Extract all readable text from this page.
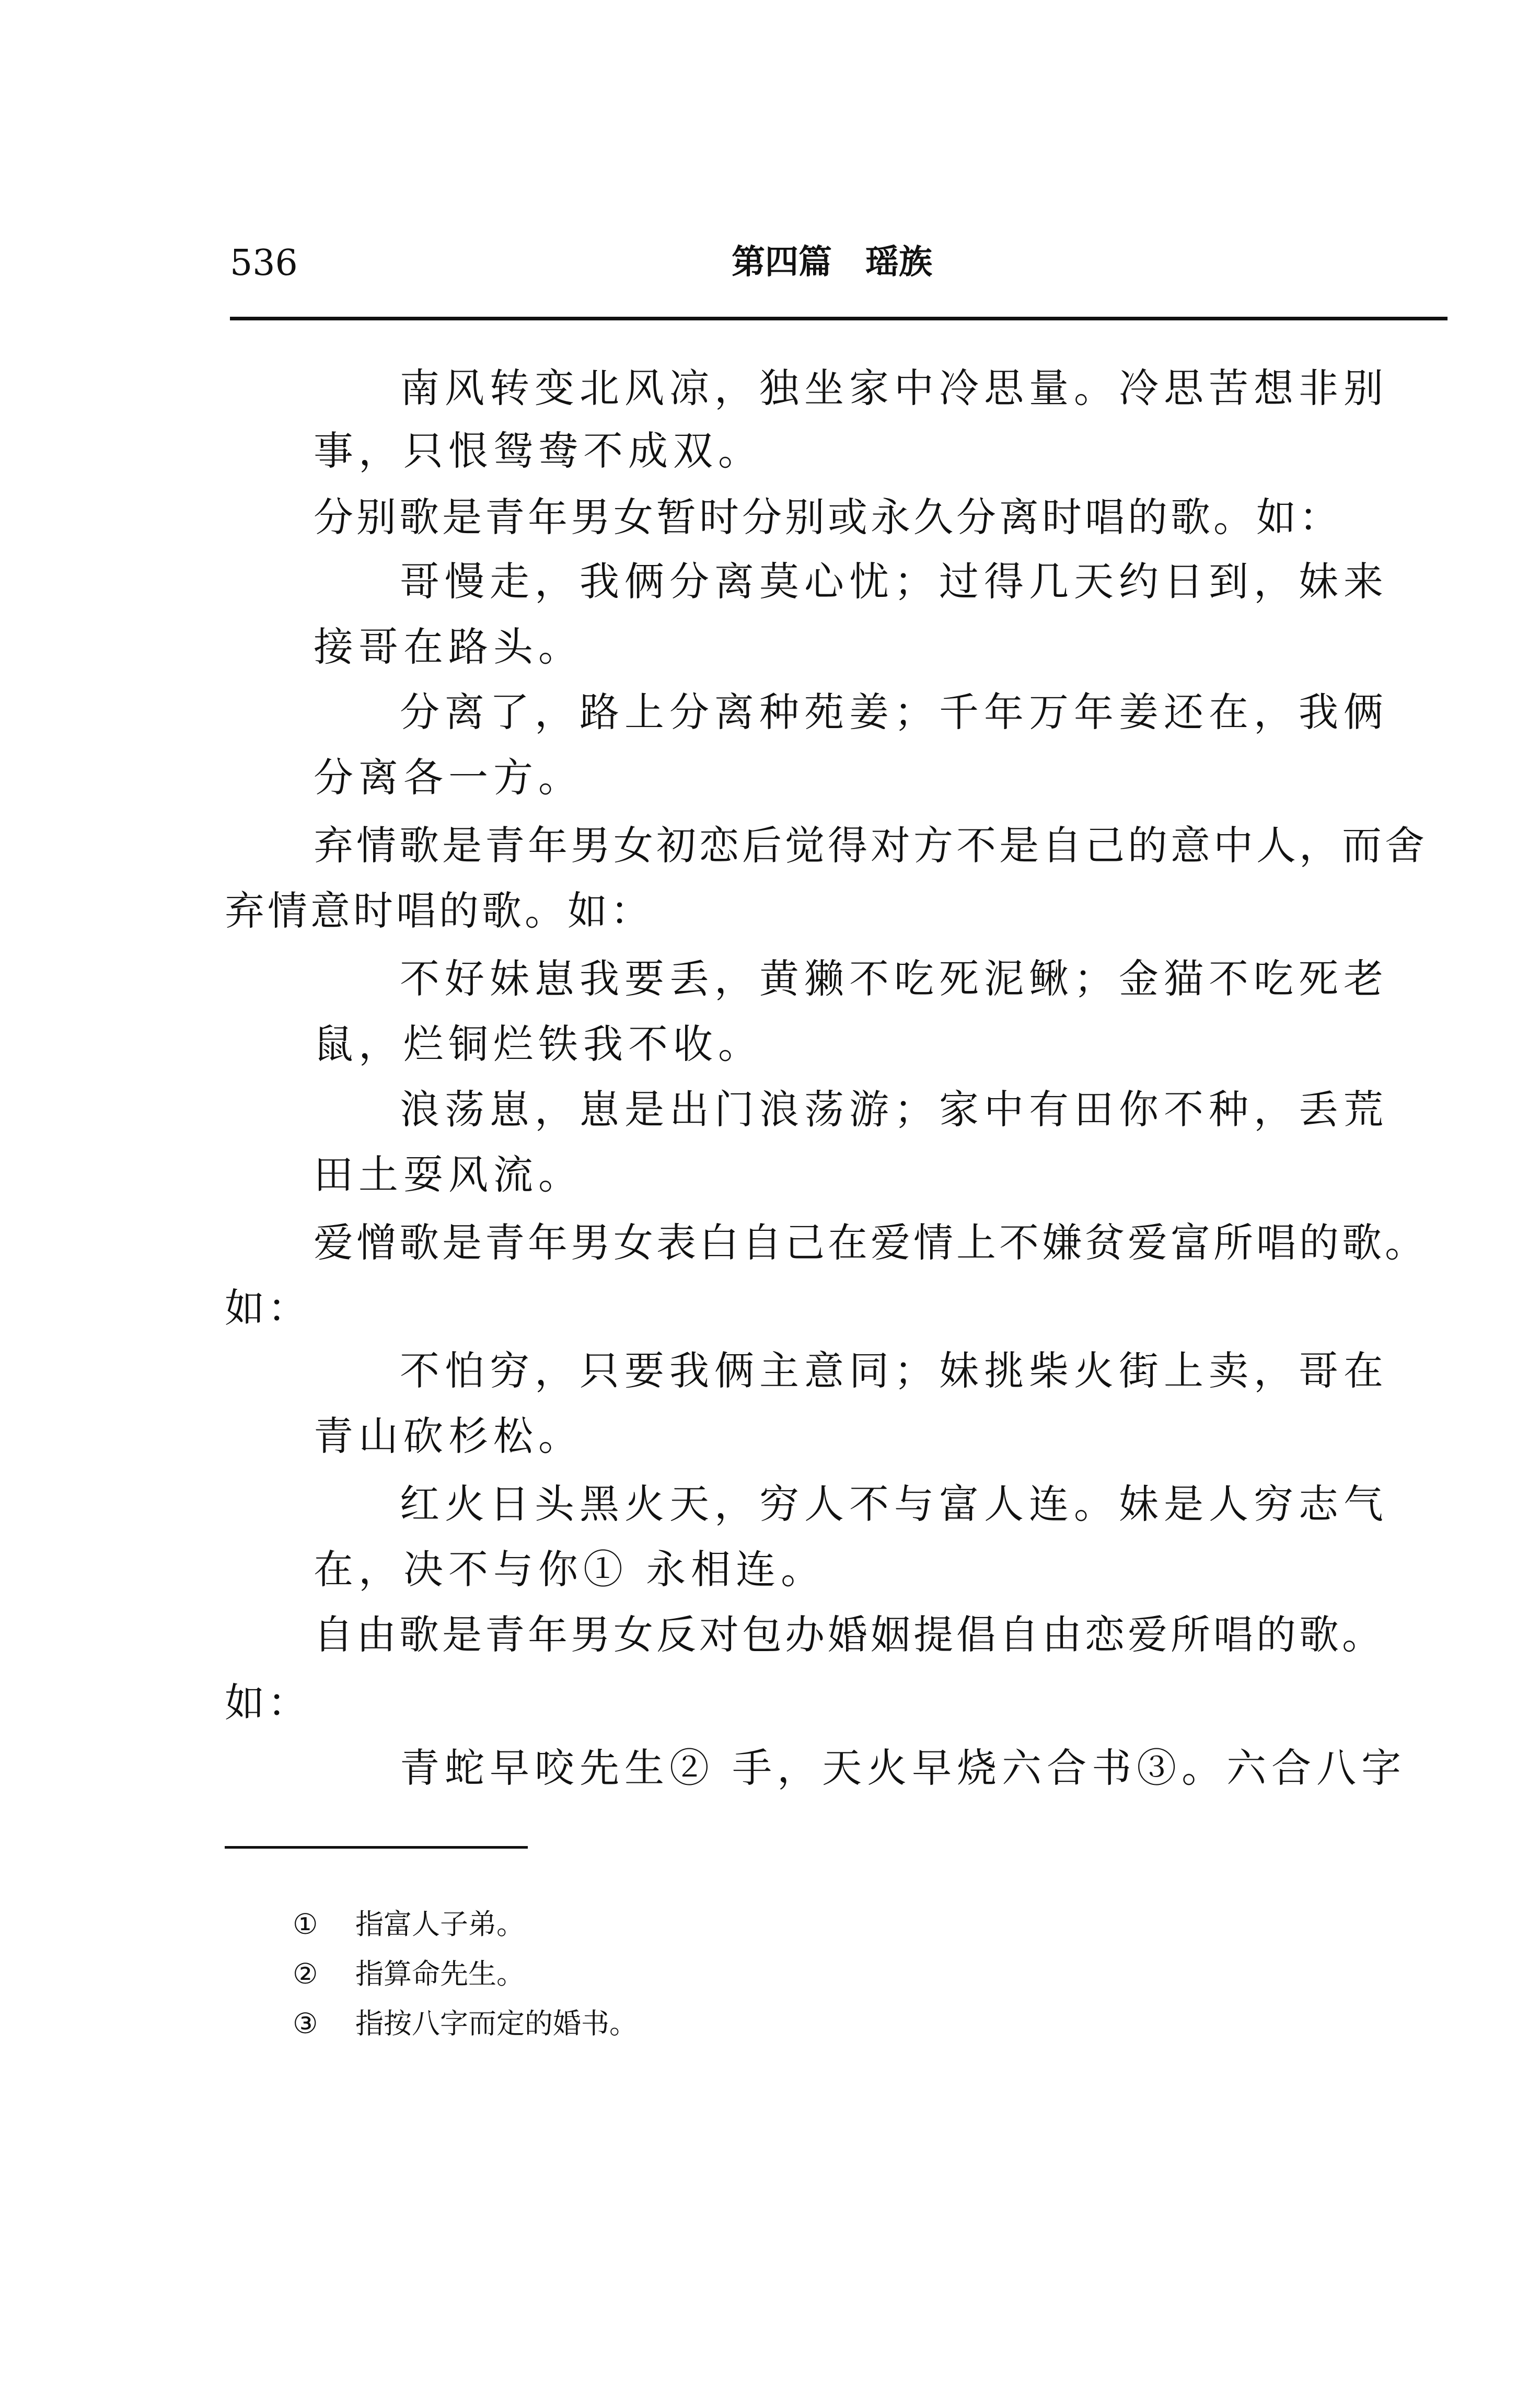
536	第四篇　瑶族
南风转变北风凉，独坐家中冷思量。冷思苦想非别
事，只恨鸳鸯不成双。
分别歌是青年男女暂时分别或永久分离时唱的歌。如：
哥慢走，我俩分离莫心忧；过得几天约日到，妹来
接哥在路头。
分离了，路上分离种苑姜；千年万年姜还在，我俩
分离各一方。
弃情歌是青年男女初恋后觉得对方不是自己的意中人，而舍
弃情意时唱的歌。如：
不好妹崽我要丢，黄獭不吃死泥鳅；金猫不吃死老
鼠，烂铜烂铁我不收。
浪荡崽，崽是出门浪荡游；家中有田你不种，丢荒
田土耍风流。
爱憎歌是青年男女表白自己在爱情上不嫌贫爱富所唱的歌。
如：
不怕穷，只要我俩主意同；妹挑柴火街上卖，哥在
青山砍杉松。
红火日头黑火天，穷人不与富人连。妹是人穷志气
在，决不与你① 永相连。
自由歌是青年男女反对包办婚姻提倡自由恋爱所唱的歌。
如：
青蛇早咬先生② 手，天火早烧六合书③。六合八字
① 指富人子弟。
② 指算命先生。
③ 指按八字而定的婚书。
